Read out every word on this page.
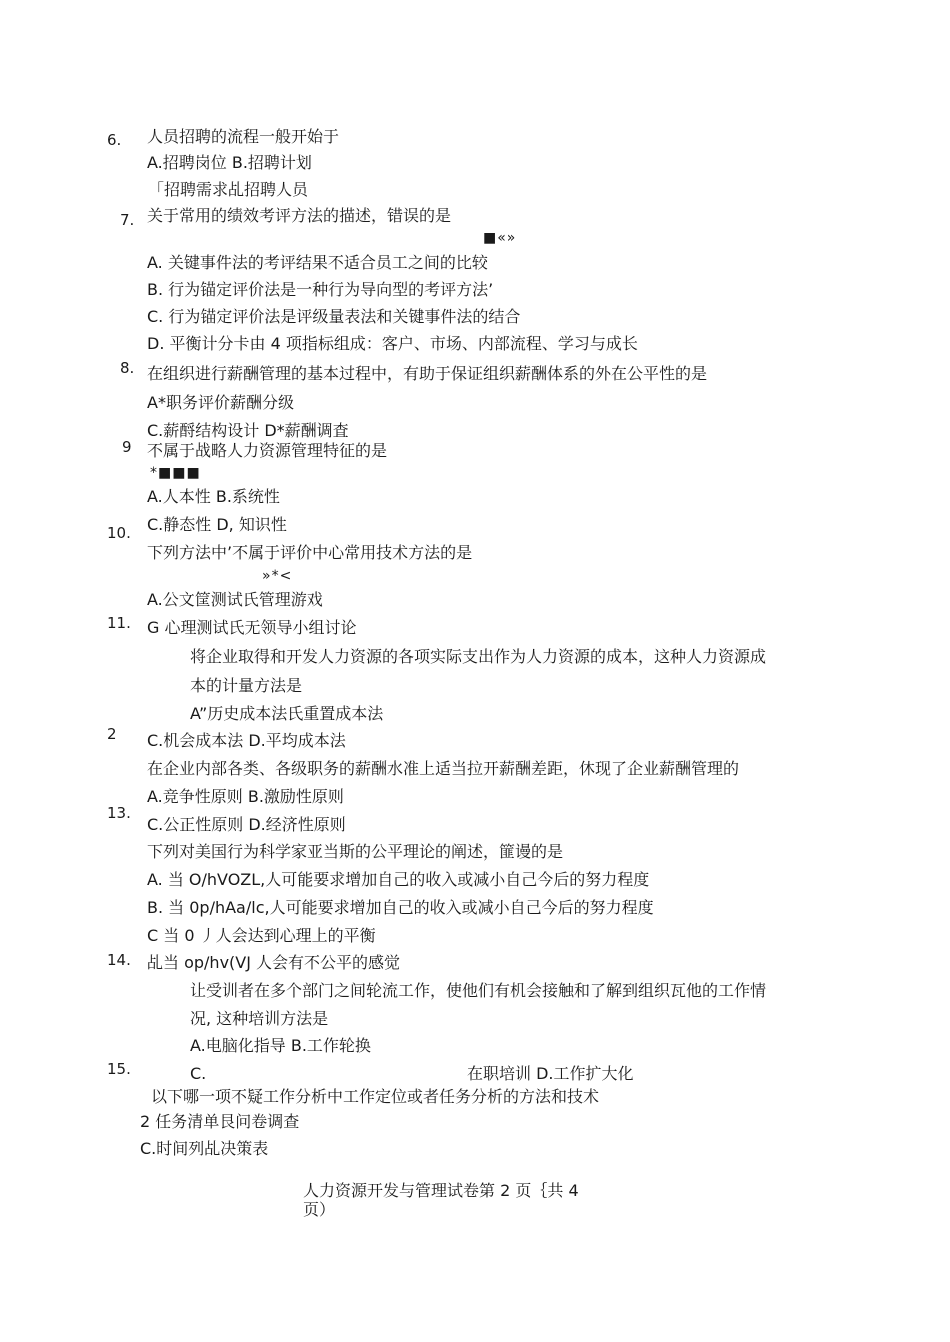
6. 人员招聘的流程一般开始于
A.招聘岗位 B.招聘计划
「招聘需求乩招聘人员
7. 关于常用的绩效考评方法的描述，错误的是
■«»
A. 关键事件法的考评结果不适合员工之间的比较
B. 行为锚定评价法是一种行为导向型的考评方法’
C. 行为锚定评价法是评级量表法和关键事件法的结合
D. 平衡计分卡由 4 项指标组成：客户、市场、内部流程、学习与成长
8. 在组织进行薪酬管理的基本过程中，有助于保证组织薪酬体系的外在公平性的是
A*职务评价薪酬分级
C.薪酹结构设计 D*薪酬调査
9 不属于战略人力资源管理特征的是
*■■■
A.人本性 B.系统性
C.静态性 D, 知识性
10.
下列方法中’不属于评价中心常用技术方法的是
»*<
A.公文筐测试氏管理游戏
11. G 心理测试氏无领导小组讨论
将企业取得和开发人力资源的各项实际支出作为人力资源的成本，这种人力资源成
本的计量方法是
A”历史成本法氏重置成本法
2 C.机会成本法 D.平均成本法
在企业内部各类、各级职务的薪酬水准上适当拉开薪酬差距，休现了企业薪酬管理的
A.竞争性原则 B.激励性原则
13.
C.公正性原则 D.经济性原则
下列对美国行为科学家亚当斯的公平理论的阐述，篚谩的是
A. 当 O/hVOZL,人可能要求增加自己的收入或减小自己今后的努力程度
B. 当 0p/hAa/lc,人可能要求增加自己的收入或减小自己今后的努力程度
C 当 0 丿人会达到心理上的平衡
14. 乩当 op/hv(VJ 人会有不公平的感觉
让受训者在多个部门之间轮流工作，使他们有机会接触和了解到组织瓦他的工作情
况, 这种培训方法是
A.电脑化指导 B.工作轮换
15.	C.	在职培训 D.工作扩大化
以下哪一项不疑工作分析中工作定位或者任务分析的方法和技术
2 任务清单艮问卷调查
C.时间列乩决策表
人力资源开发与管理试卷第 2 页｛共 4
页）
